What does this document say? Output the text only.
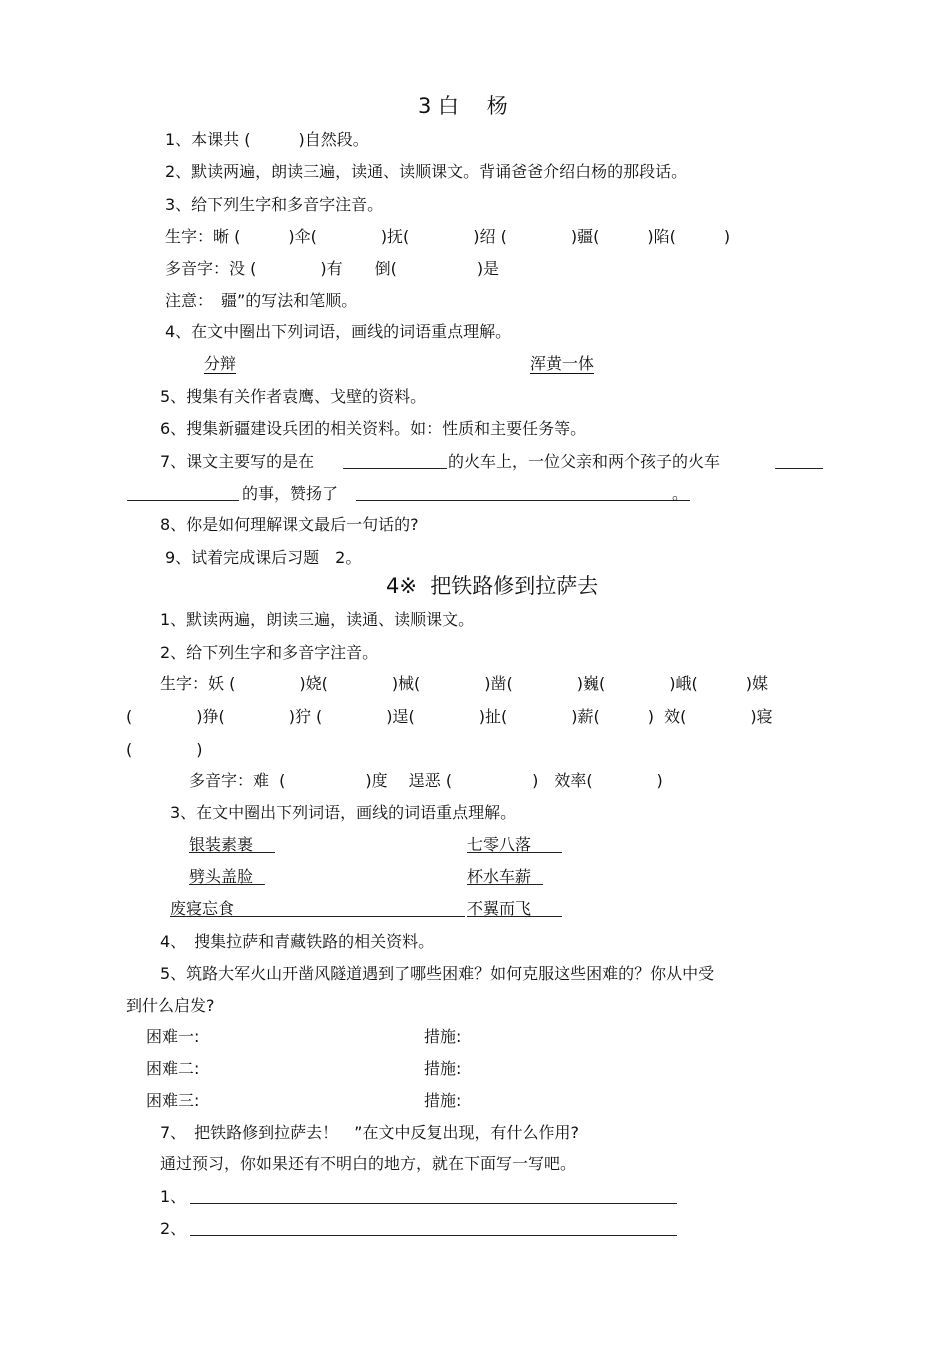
3 白　 杨
1、本课共 (　　　)自然段。
2、默读两遍，朗读三遍，读通、读顺课文。背诵爸爸介绍白杨的那段话。
3、给下列生字和多音字注音。
生字：晰 (　　　)伞(　　　　)抚(　　　　)绍 (　　　　)疆(　　　)陷(　　　)
多音字：没 (　　　　)有　　倒(　　　　　)是
注意：　疆”的写法和笔顺。
4、在文中圈出下列词语，画线的词语重点理解。
分辩	浑黄一体
5、搜集有关作者袁鹰、戈壁的资料。
6、搜集新疆建设兵团的相关资料。如：性质和主要任务等。
7、课文主要写的是在	的火车上，一位父亲和两个孩子的火车
的事，赞扬了	。
8、你是如何理解课文最后一句话的?
9、试着完成课后习题　2。
4※  把铁路修到拉萨去
1、默读两遍，朗读三遍，读通、读顺课文。
2、给下列生字和多音字注音。
生字：妖 (　　　　)娆(　　　　)械(　　　　)凿(　　　　)巍(　　　　)峨(　　　)媒
(　　　　)狰(　　　　)狞 (　　　　)逞(　　　　)扯(　　　　)薪(　　　)  效(　　　　)寝
(　　　　)
多音字：难  (　　　　　)度　 逞恶 (　　　　　)　效率(　　　　)
3、在文中圈出下列词语，画线的词语重点理解。
银装素裹	七零八落
劈头盖脸	杯水车薪
废寝忘食	不翼而飞
4、　搜集拉萨和青藏铁路的相关资料。
5、筑路大军火山开凿风隧道遇到了哪些困难？如何克服这些困难的？你从中受
到什么启发?
困难一:	措施:
困难二:	措施:
困难三:	措施:
7、　把铁路修到拉萨去！　”在文中反复出现，有什么作用?
通过预习，你如果还有不明白的地方，就在下面写一写吧。
1、
2、
